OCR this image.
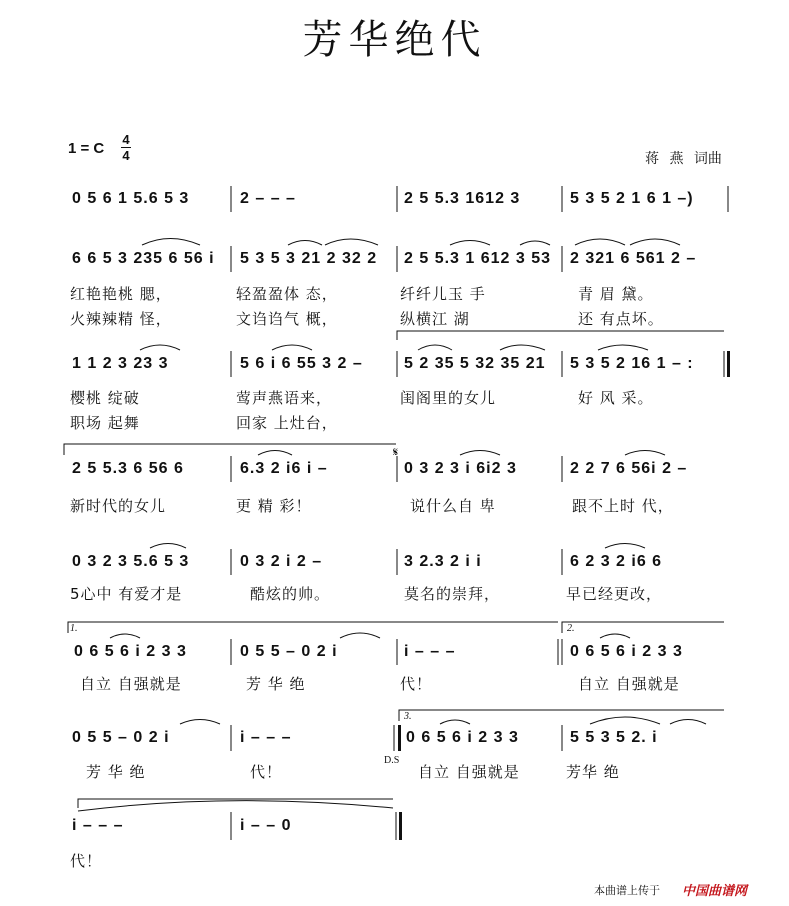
芳华绝代
1 = C
4
4	蒋 燕 词曲
0 5 6 1 5.6 5 3	2 – – –	2 5 5.3 1612 3	5 3 5 2 1 6 1 –)
6 6 5 3 235 6 56 i 5 3 5 3 21 2 32 2 2 5 5.3 1 612 3 53 2 321 6 561 2 –
红艳艳桃 腮，	轻盈盈体 态，	纤纤儿玉 手	青 眉 黛。
火辣辣精 怪，	文诌诌气 概，	纵横江 湖	还 有点坏。
1 1 2 3 23 3	5 6 i 6 55 3 2 –	5 2 35 5 32 35 21 5 3 5 2 16 1 – :
樱桃 绽破	莺声燕语来，	闺阁里的女儿	好 风 采。
职场 起舞	回家 上灶台，
2 5 5.3 6 56 6	6.3 2 i6 i –	0 3 2 3 i 6i2 3	2 2 7 6 56i 2 –
新时代的女儿	更 精 彩！	说什么自 卑	跟不上时 代，
0 3 2 3 5.6 5 3	0 3 2 i 2 –	3 2.3 2 i i	6 2 3 2 i6 6
5心中 有爱才是	酷炫的帅。	莫名的崇拜，	早已经更改，
1.	2.
0 6 5 6 i 2 3 3	0 5 5 – 0 2 i	i – – –	0 6 5 6 i 2 3 3
自立 自强就是	芳 华 绝	代！	自立 自强就是
3.
0 5 5 – 0 2 i	i – – –	0 6 5 6 i 2 3 3	5 5 3 5 2. i
D.S
芳 华 绝	代！	自立 自强就是	芳华 绝
i – – –	i – – 0
代！
𝄋
本曲谱上传于 中国曲谱网
